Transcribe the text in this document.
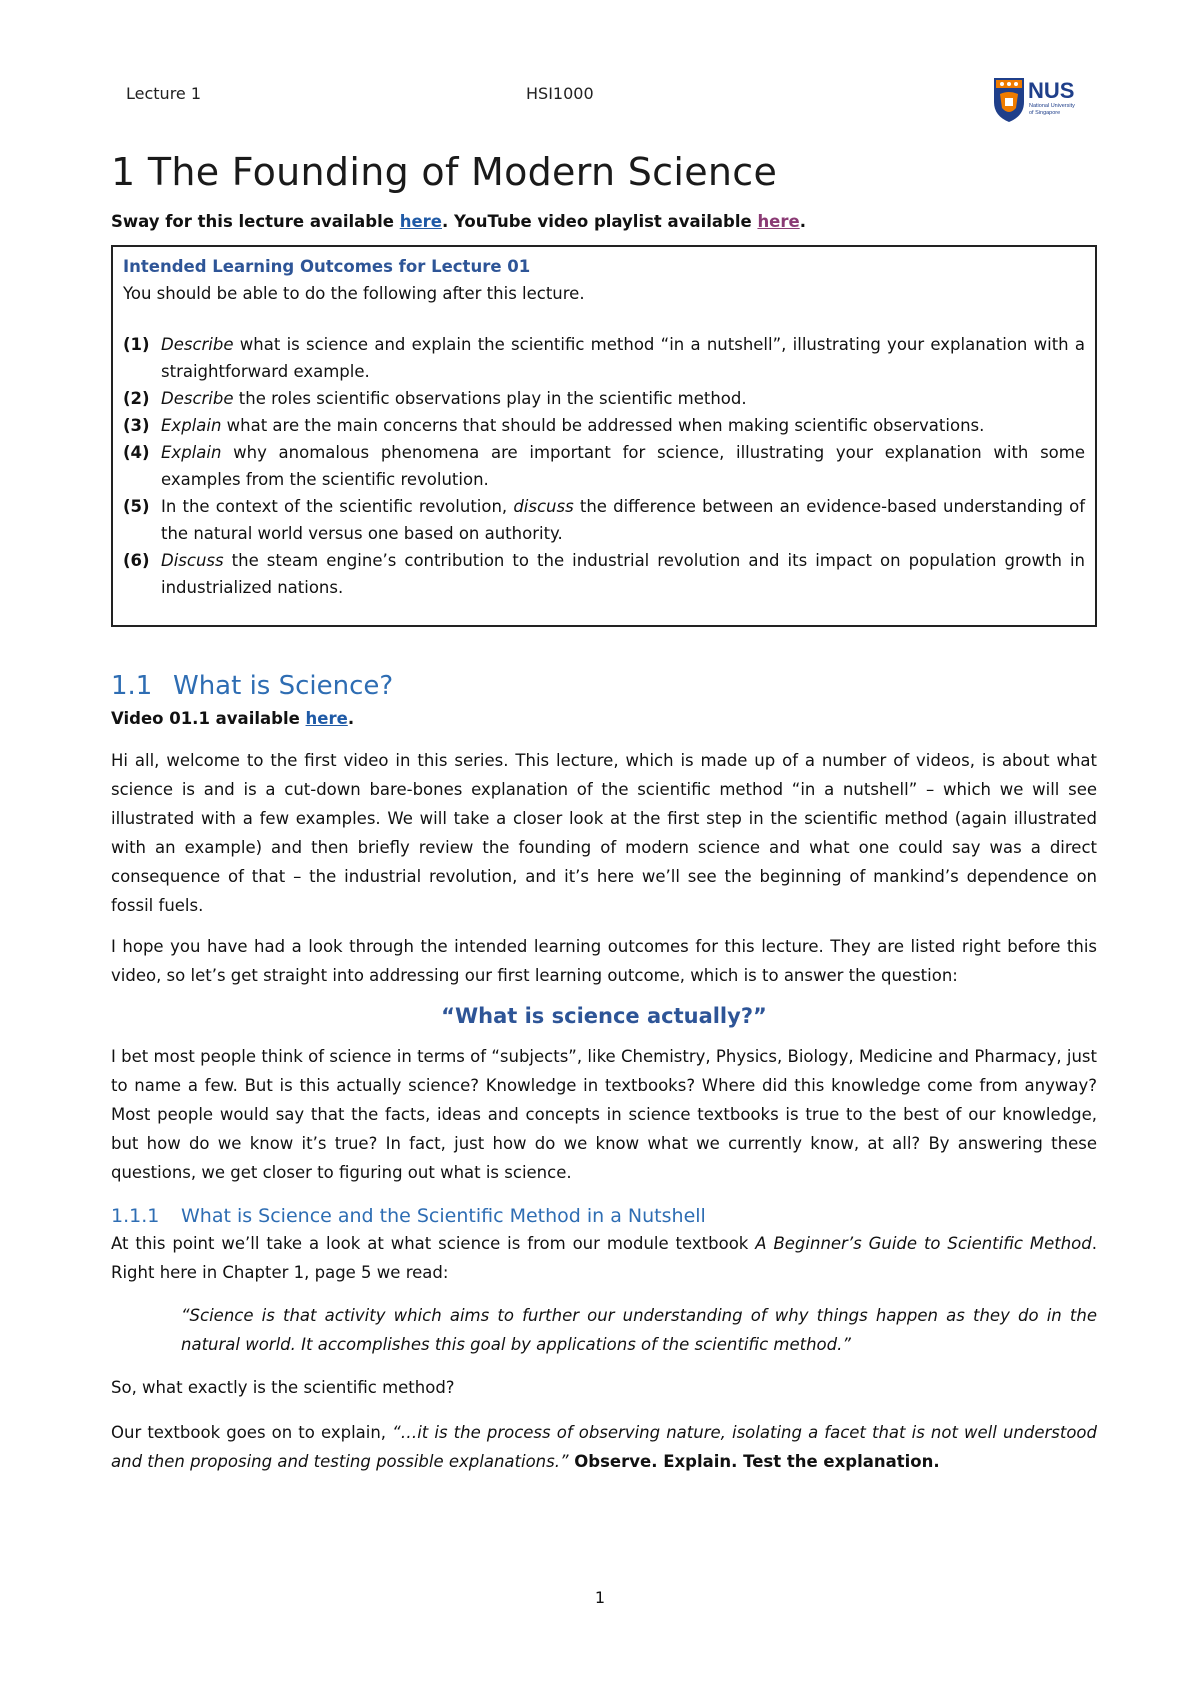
Lecture 1	HSI1000	NUS
National University
of Singapore
1 The Founding of Modern Science
Sway for this lecture available here. YouTube video playlist available here.
Intended Learning Outcomes for Lecture 01
You should be able to do the following after this lecture.
(1) Describe what is science and explain the scientific method “in a nutshell”, illustrating your explanation with a straightforward example.
(2) Describe the roles scientific observations play in the scientific method.
(3) Explain what are the main concerns that should be addressed when making scientific observations.
(4) Explain why anomalous phenomena are important for science, illustrating your explanation with some examples from the scientific revolution.
(5) In the context of the scientific revolution, discuss the difference between an evidence-based understanding of the natural world versus one based on authority.
(6) Discuss the steam engine’s contribution to the industrial revolution and its impact on population growth in industrialized nations.
1.1 What is Science?
Video 01.1 available here.

Hi all, welcome to the first video in this series. This lecture, which is made up of a number of videos, is about what science is and is a cut-down bare-bones explanation of the scientific method “in a nutshell” – which we will see illustrated with a few examples. We will take a closer look at the first step in the scientific method (again illustrated with an example) and then briefly review the founding of modern science and what one could say was a direct consequence of that – the industrial revolution, and it’s here we’ll see the beginning of mankind’s dependence on fossil fuels.

I hope you have had a look through the intended learning outcomes for this lecture. They are listed right before this video, so let’s get straight into addressing our first learning outcome, which is to answer the question:

“What is science actually?”

I bet most people think of science in terms of “subjects”, like Chemistry, Physics, Biology, Medicine and Pharmacy, just to name a few. But is this actually science? Knowledge in textbooks? Where did this knowledge come from anyway? Most people would say that the facts, ideas and concepts in science textbooks is true to the best of our knowledge, but how do we know it’s true? In fact, just how do we know what we currently know, at all? By answering these questions, we get closer to figuring out what is science.

1.1.1 What is Science and the Scientific Method in a Nutshell

At this point we’ll take a look at what science is from our module textbook A Beginner’s Guide to Scientific Method. Right here in Chapter 1, page 5 we read:

“Science is that activity which aims to further our understanding of why things happen as they do in the natural world. It accomplishes this goal by applications of the scientific method.”

So, what exactly is the scientific method?

Our textbook goes on to explain, “…it is the process of observing nature, isolating a facet that is not well understood and then proposing and testing possible explanations.” Observe. Explain. Test the explanation.

1
